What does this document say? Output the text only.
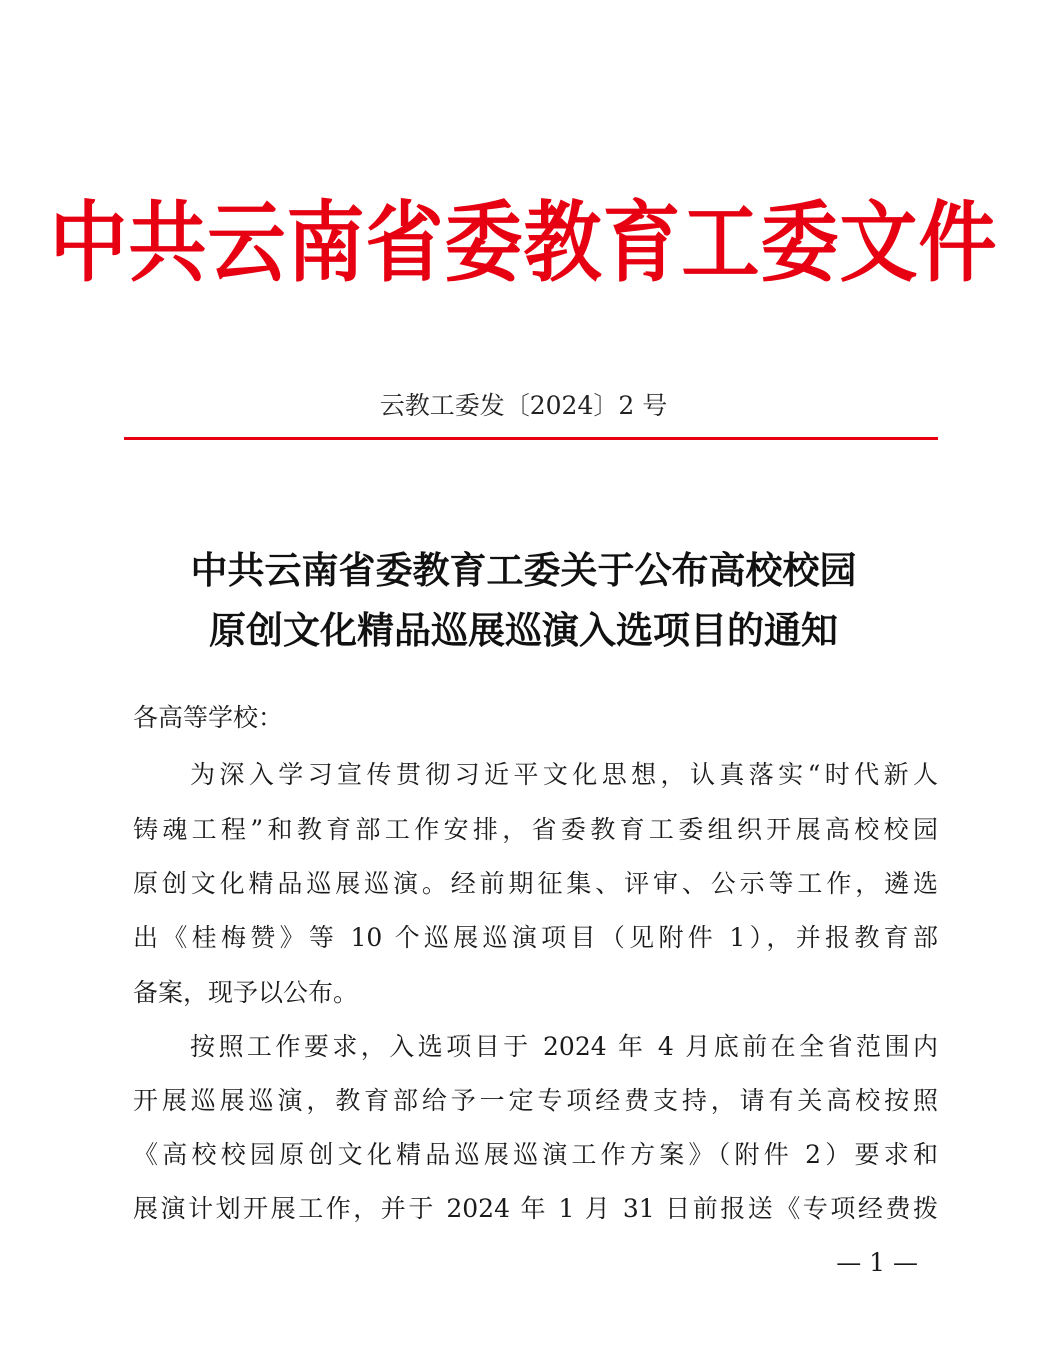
中共云南省委教育工委文件
云教工委发〔2024〕2 号
中共云南省委教育工委关于公布高校校园
原创文化精品巡展巡演入选项目的通知
各高等学校：
为深入学习宣传贯彻习近平文化思想，认真落实“时代新人
铸魂工程”和教育部工作安排，省委教育工委组织开展高校校园
原创文化精品巡展巡演。经前期征集、评审、公示等工作，遴选
出《桂梅赞》等 10 个巡展巡演项目（见附件 1），并报教育部
备案，现予以公布。
按照工作要求，入选项目于 2024 年 4 月底前在全省范围内
开展巡展巡演，教育部给予一定专项经费支持，请有关高校按照
《高校校园原创文化精品巡展巡演工作方案》（附件 2）要求和
展演计划开展工作，并于 2024 年 1 月 31 日前报送《专项经费拨
— 1 —
